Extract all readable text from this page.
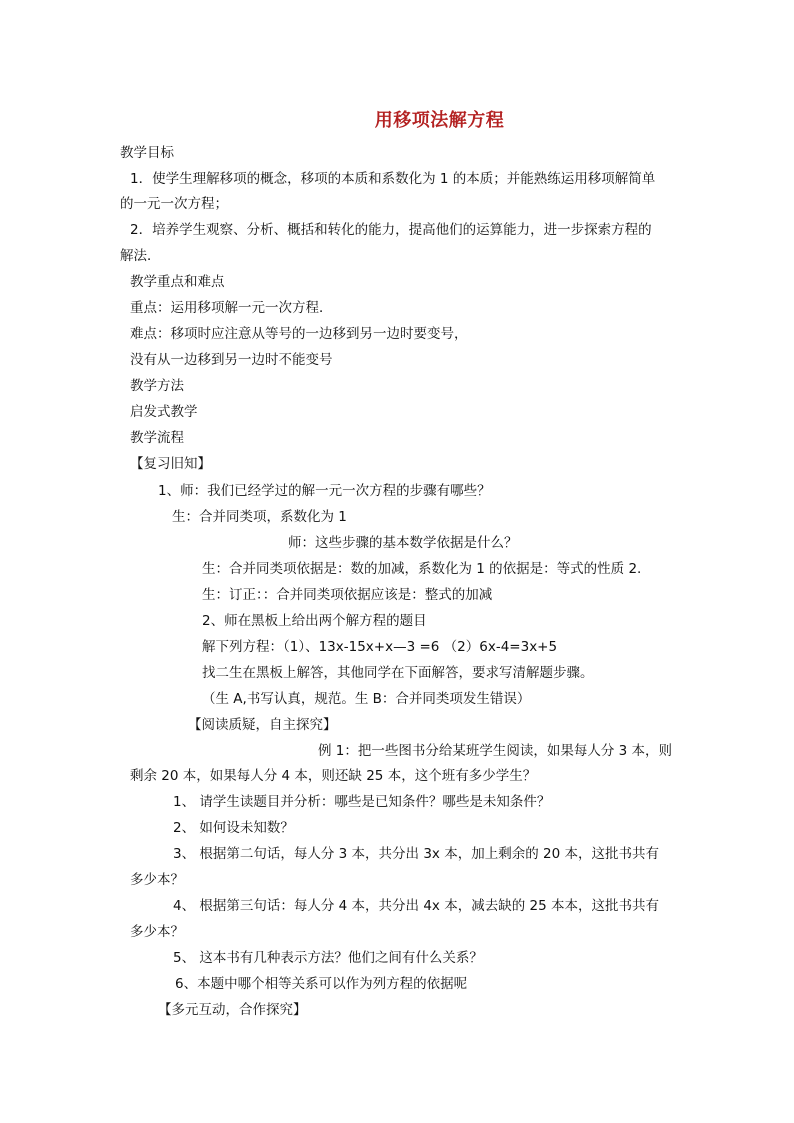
用移项法解方程
教学目标
1．使学生理解移项的概念，移项的本质和系数化为 1 的本质；并能熟练运用移项解简单
的一元一次方程；
2．培养学生观察、分析、概括和转化的能力，提高他们的运算能力，进一步探索方程的
解法．
教学重点和难点
重点：运用移项解一元一次方程．
难点：移项时应注意从等号的一边移到另一边时要变号，
没有从一边移到另一边时不能变号
教学方法
启发式教学
教学流程
【复习旧知】
1、师：我们已经学过的解一元一次方程的步骤有哪些？
生：合并同类项，系数化为 1
师：这些步骤的基本数学依据是什么？
生：合并同类项依据是：数的加减，系数化为 1 的依据是：等式的性质 2.
生：订正：：合并同类项依据应该是：整式的加减
2、师在黑板上给出两个解方程的题目
解下列方程：（1）、13x-15x+x—3 =6 （2）6x-4=3x+5
找二生在黑板上解答，其他同学在下面解答，要求写清解题步骤。
（生 A,书写认真，规范。生 B：合并同类项发生错误）
【阅读质疑，自主探究】
例 1：把一些图书分给某班学生阅读，如果每人分 3 本，则
剩余 20 本，如果每人分 4 本，则还缺 25 本，这个班有多少学生？
1、 请学生读题目并分析：哪些是已知条件？哪些是未知条件？
2、 如何设未知数？
3、 根据第二句话，每人分 3 本，共分出 3x 本，加上剩余的 20 本，这批书共有
多少本？
4、 根据第三句话：每人分 4 本，共分出 4x 本，减去缺的 25 本本，这批书共有
多少本？
5、 这本书有几种表示方法？他们之间有什么关系？
6、本题中哪个相等关系可以作为列方程的依据呢
【多元互动，合作探究】
